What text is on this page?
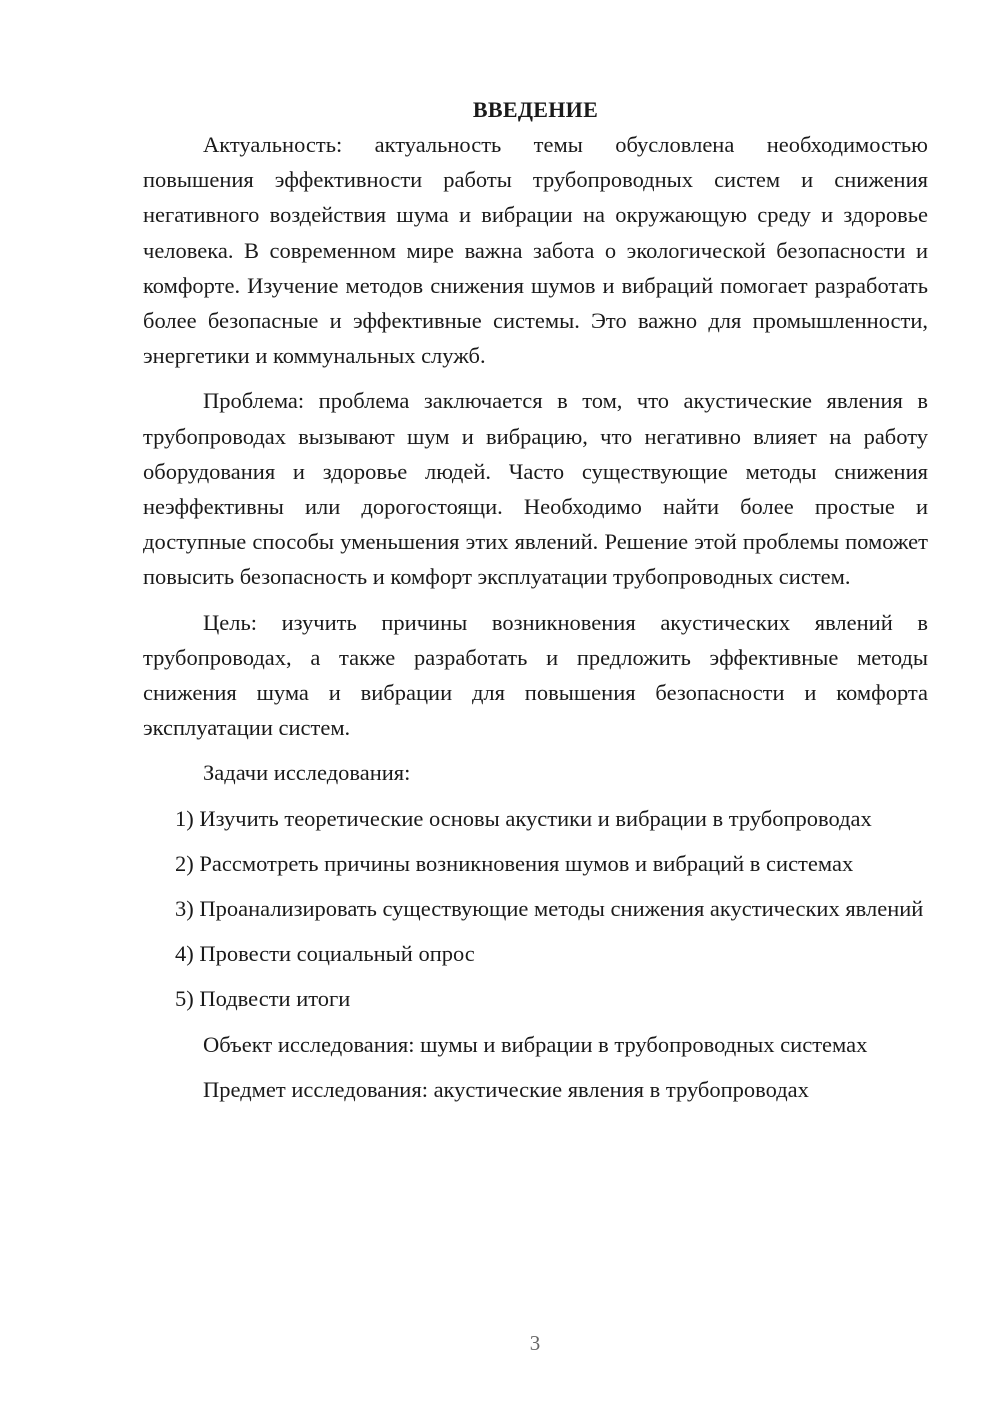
ВВЕДЕНИЕ

Актуальность: актуальность темы обусловлена необходимостью повышения эффективности работы трубопроводных систем и снижения негативного воздействия шума и вибрации на окружающую среду и здоровье человека. В современном мире важна забота о экологической безопасности и комфорте. Изучение методов снижения шумов и вибраций помогает разработать более безопасные и эффективные системы. Это важно для промышленности, энергетики и коммунальных служб.

Проблема: проблема заключается в том, что акустические явления в трубопроводах вызывают шум и вибрацию, что негативно влияет на работу оборудования и здоровье людей. Часто существующие методы снижения неэффективны или дорогостоящи. Необходимо найти более простые и доступные способы уменьшения этих явлений. Решение этой проблемы поможет повысить безопасность и комфорт эксплуатации трубопроводных систем.

Цель: изучить причины возникновения акустических явлений в трубопроводах, а также разработать и предложить эффективные методы снижения шума и вибрации для повышения безопасности и комфорта эксплуатации систем.

Задачи исследования:

1) Изучить теоретические основы акустики и вибрации в трубопроводах

2) Рассмотреть причины возникновения шумов и вибраций в системах

3) Проанализировать существующие методы снижения акустических явлений

4) Провести социальный опрос

5) Подвести итоги

Объект исследования: шумы и вибрации в трубопроводных системах

Предмет исследования: акустические явления в трубопроводах

3
